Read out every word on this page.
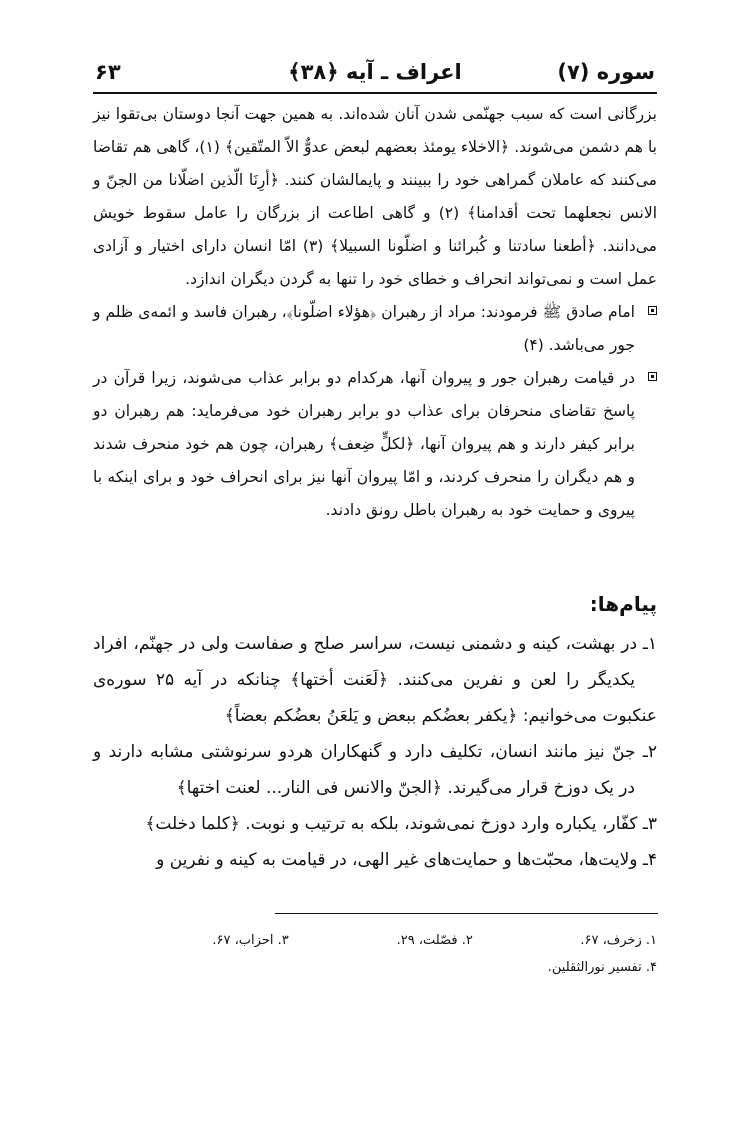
۶۳	اعراف ـ آیه ﴿۳۸﴾	سوره (۷)

بزرگانی است که سبب جهنّمی شدن آنان شده‌اند. به همین جهت آنجا دوستان بی‌تقوا نیز با هم دشمن می‌شوند. ﴿الاخلاء یومئذ بعضهم لبعض عدوٌّ الاّ المتّقین﴾ (۱)، گاهی هم تقاضا می‌کنند که عاملان گمراهی خود را ببینند و پایمالشان کنند. ﴿أرِنَا الّذین اضلّانا من الجنّ و الانس نجعلهما تحت أقدامنا﴾ (۲) و گاهی اطاعت از بزرگان را عامل سقوط خویش می‌دانند. ﴿أطعنا سادتنا و کُبرائنا و اضلّونا السبیلا﴾ (۳) امّا انسان دارای اختیار و آزادی عمل است و نمی‌تواند انحراف و خطای خود را تنها به گردن دیگران اندازد.

امام صادق ﷺ فرمودند: مراد از رهبران ﴿هؤلاء اضلّونا﴾، رهبران فاسد و ائمه‌ی ظلم و جور می‌باشد. (۴)

در قیامت رهبران جور و پیروان آنها، هرکدام دو برابر عذاب می‌شوند، زیرا قرآن در پاسخ تقاضای منحرفان برای عذاب دو برابر رهبران خود می‌فرماید: هم رهبران دو برابر کیفر دارند و هم پیروان آنها، ﴿لکلٍّ ضِعف﴾ رهبران، چون هم خود منحرف شدند و هم دیگران را منحرف کردند، و امّا پیروان آنها نیز برای انحراف خود و برای اینکه با پیروی و حمایت خود به رهبران باطل رونق دادند.

پیام‌ها:

۱ـ در بهشت، کینه و دشمنی نیست، سراسر صلح و صفاست ولی در جهنّم، افراد یکدیگر را لعن و نفرین می‌کنند. ﴿لَعَنت أختها﴾ چنانکه در آیه ۲۵ سوره‌ی عنکبوت می‌خوانیم: ﴿یکفر بعضُکم ببعض و یَلعَنُ بعضُکم بعضاً﴾

۲ـ جنّ نیز مانند انسان، تکلیف دارد و گنهکاران هردو سرنوشتی مشابه دارند و در یک دوزخ قرار می‌گیرند. ﴿الجنّ والانس فی النار... لعنت اختها﴾

۳ـ کفّار، یکباره وارد دوزخ نمی‌شوند، بلکه به ترتیب و نوبت. ﴿کلما دخلت﴾

۴ـ ولایت‌ها، محبّت‌ها و حمایت‌های غیر الهی، در قیامت به کینه و نفرین و

۱. زخرف، ۶۷. ۲. فصّلت، ۲۹. ۳. احزاب، ۶۷.
۴. تفسیر نورالثقلین.
